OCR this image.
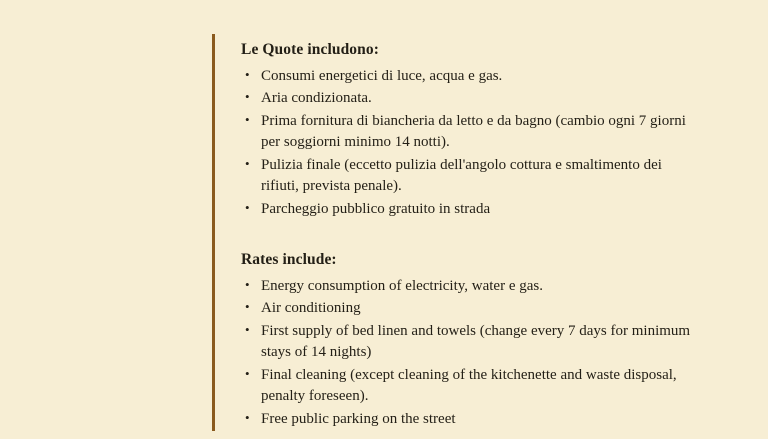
Le Quote includono:

• Consumi energetici di luce, acqua e gas.
• Aria condizionata.
• Prima fornitura di biancheria da letto e da bagno (cambio ogni 7 giorni per soggiorni minimo 14 notti).
• Pulizia finale (eccetto pulizia dell'angolo cottura e smaltimento dei rifiuti, prevista penale).
• Parcheggio pubblico gratuito in strada

Rates include:

• Energy consumption of electricity, water e gas.
• Air conditioning
• First supply of bed linen and towels (change every 7 days for minimum stays of 14 nights)
• Final cleaning (except cleaning of the kitchenette and waste disposal, penalty foreseen).
• Free public parking on the street
